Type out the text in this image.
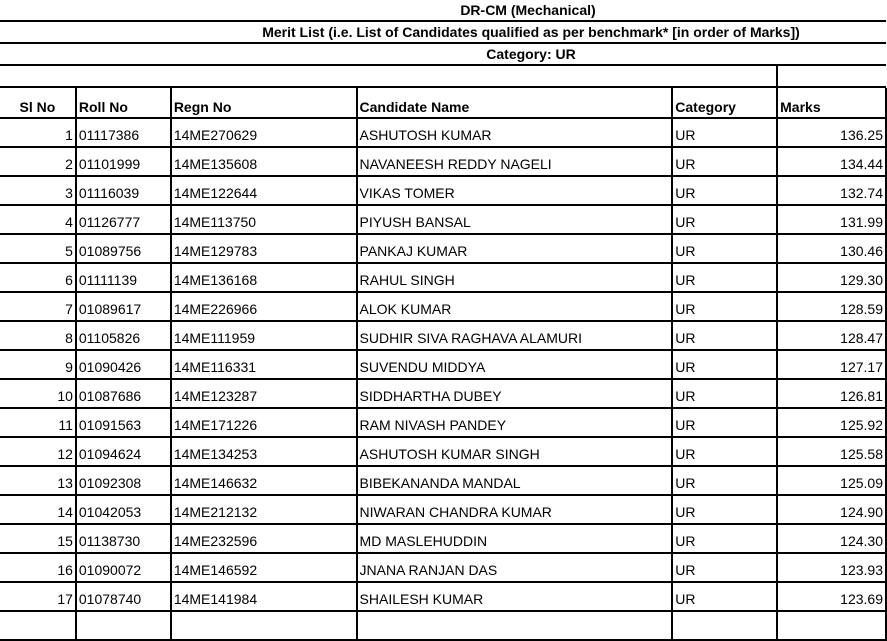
DR-CM (Mechanical)
Merit List (i.e. List of Candidates qualified as per benchmark* [in order of Marks])
Category: UR
Sl No	Roll No	Regn No	Candidate Name	Category	Marks
1	01117386	14ME270629	ASHUTOSH KUMAR	UR	136.25
2	01101999	14ME135608	NAVANEESH REDDY NAGELI	UR	134.44
3	01116039	14ME122644	VIKAS TOMER	UR	132.74
4	01126777	14ME113750	PIYUSH BANSAL	UR	131.99
5	01089756	14ME129783	PANKAJ KUMAR	UR	130.46
6	01111139	14ME136168	RAHUL SINGH	UR	129.30
7	01089617	14ME226966	ALOK KUMAR	UR	128.59
8	01105826	14ME111959	SUDHIR SIVA RAGHAVA ALAMURI	UR	128.47
9	01090426	14ME116331	SUVENDU MIDDYA	UR	127.17
10	01087686	14ME123287	SIDDHARTHA DUBEY	UR	126.81
11	01091563	14ME171226	RAM NIVASH PANDEY	UR	125.92
12	01094624	14ME134253	ASHUTOSH KUMAR SINGH	UR	125.58
13	01092308	14ME146632	BIBEKANANDA MANDAL	UR	125.09
14	01042053	14ME212132	NIWARAN CHANDRA KUMAR	UR	124.90
15	01138730	14ME232596	MD MASLEHUDDIN	UR	124.30
16	01090072	14ME146592	JNANA RANJAN DAS	UR	123.93
17	01078740	14ME141984	SHAILESH KUMAR	UR	123.69
